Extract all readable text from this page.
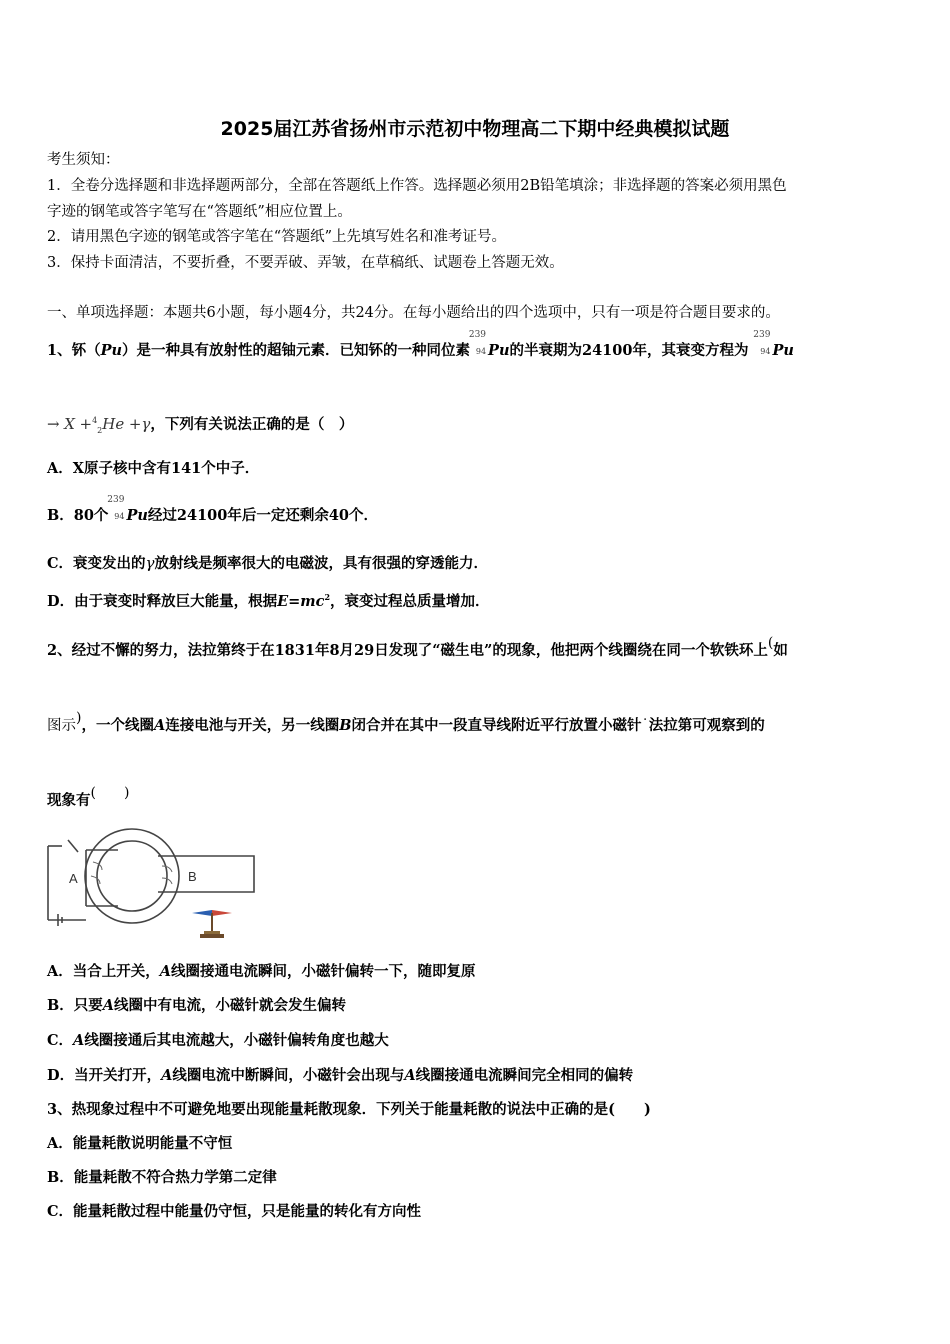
2025届江苏省扬州市示范初中物理高二下期中经典模拟试题
考生须知：
1．全卷分选择题和非选择题两部分，全部在答题纸上作答。选择题必须用2B铅笔填涂；非选择题的答案必须用黑色
字迹的钢笔或答字笔写在“答题纸”相应位置上。
2．请用黑色字迹的钢笔或答字笔在“答题纸”上先填写姓名和准考证号。
3．保持卡面清洁，不要折叠，不要弄破、弄皱，在草稿纸、试题卷上答题无效。
一、单项选择题：本题共6小题，每小题4分，共24分。在每小题给出的四个选项中，只有一项是符合题目要求的。
1、钚（Pu）是一种具有放射性的超铀元素．已知钚的一种同位素
239
94 Pu的半衰期为24100年，其衰变方程为
239
94 Pu
→ X +$^4_2$He +γ，下列有关说法正确的是（　）
A．X原子核中含有141个中子．
B．80个
239
94 Pu经过24100年后一定还剩余40个．
C．衰变发出的γ放射线是频率很大的电磁波，具有很强的穿透能力．
D．由于衰变时释放巨大能量，根据$E=mc^2$，衰变过程总质量增加．
2、经过不懈的努力，法拉第终于在1831年8月29日发现了“磁生电”的现象，他把两个线圈绕在同一个软铁环上(如
图示)，一个线圈A连接电池与开关，另一线圈B闭合并在其中一段直导线附近平行放置小磁针˙法拉第可观察到的
现象有(　　)
A	B
A．当合上开关，A线圈接通电流瞬间，小磁针偏转一下，随即复原
B．只要A线圈中有电流，小磁针就会发生偏转
C．A线圈接通后其电流越大，小磁针偏转角度也越大
D．当开关打开，A线圈电流中断瞬间，小磁针会出现与A线圈接通电流瞬间完全相同的偏转
3、热现象过程中不可避免地要出现能量耗散现象．下列关于能量耗散的说法中正确的是(　　)
A．能量耗散说明能量不守恒
B．能量耗散不符合热力学第二定律
C．能量耗散过程中能量仍守恒，只是能量的转化有方向性
